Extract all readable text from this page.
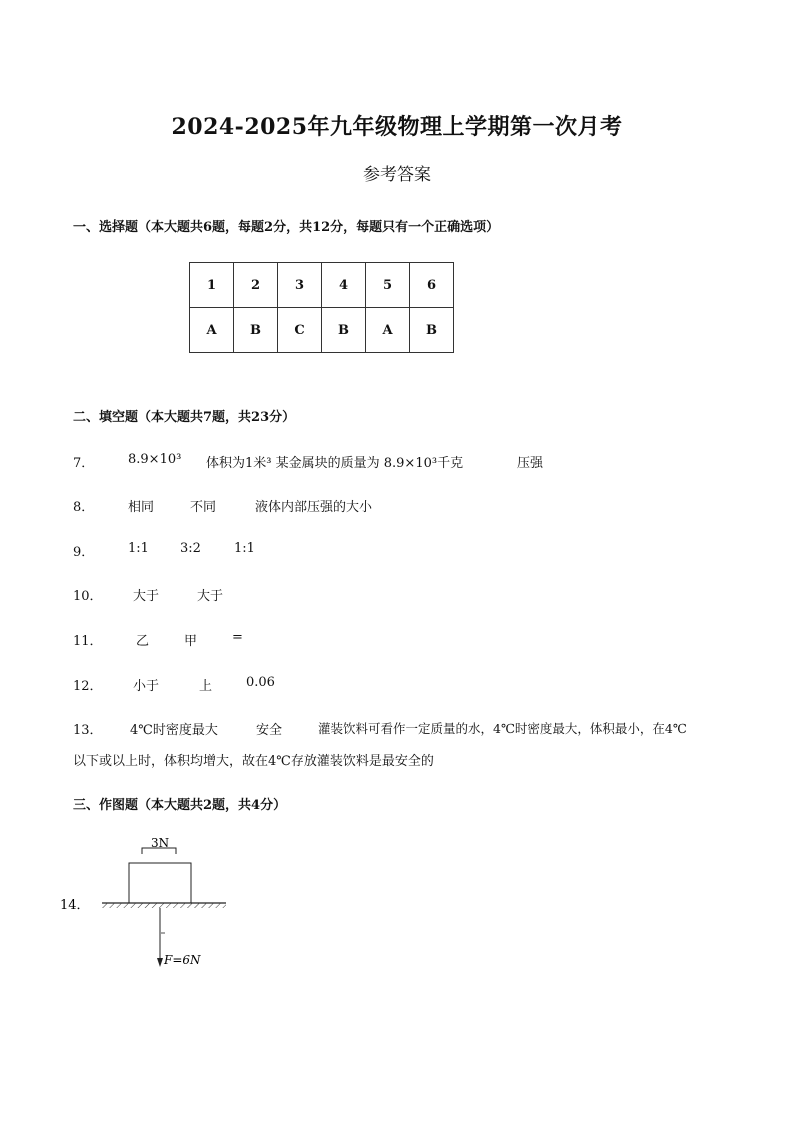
2024-2025年九年级物理上学期第一次月考
参考答案
一、选择题（本大题共6题，每题2分，共12分，每题只有一个正确选项）
1	2	3	4	5	6
A	B	C	B	A	B
二、填空题（本大题共7题，共23分）
7．	8.9×10³ 体积为1米³ 某金属块的质量为 8.9×10³千克	压强
8．	相同	不同	液体内部压强的大小
9．	1:1 3:2	1:1
10． 大于	大于
11．	乙	甲	=
12． 小于	上	0.06
13． 4℃时密度最大	安全	灌装饮料可看作一定质量的水，4℃时密度最大，体积最小，在4℃
以下或以上时，体积均增大，故在4℃存放灌装饮料是最安全的
三、作图题（本大题共2题，共4分）
14．
3N
F=6N
